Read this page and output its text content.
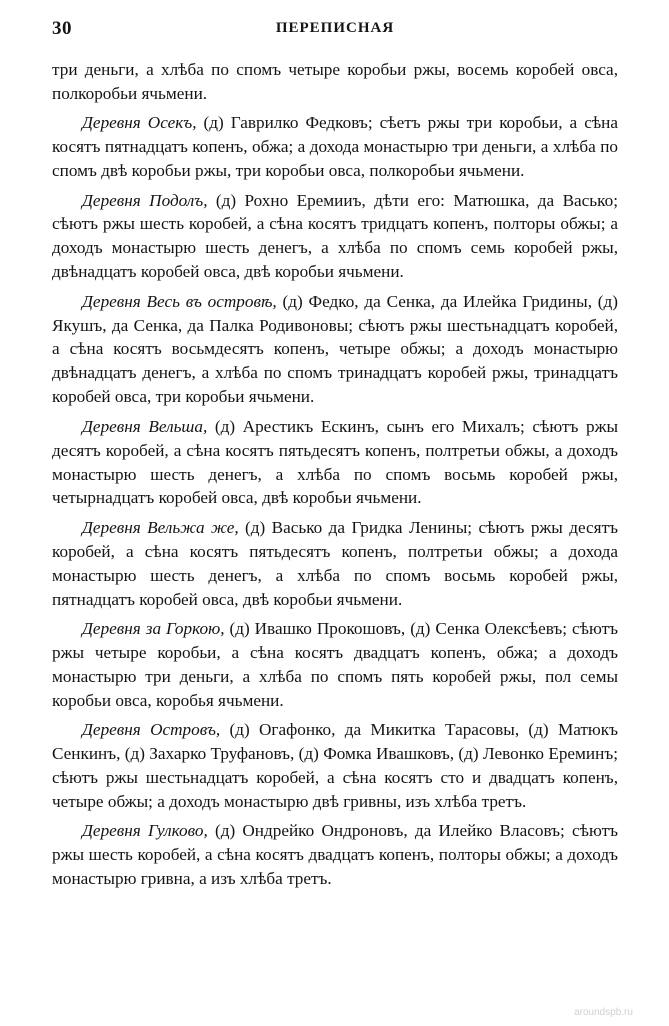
30	ПЕРЕПИСНАЯ

три деньги, а хлѣба по спомъ четыре коробьи ржы, восемь коробей овса, полкоробьи ячьмени.

Деревня Осекъ, (д) Гаврилко Федковъ; сѣетъ ржы три коробьи, а сѣна косятъ пятнадцатъ копенъ, обжа; а дохода монастырю три деньги, а хлѣба по спомъ двѣ коробьи ржы, три коробьи овса, полкоробьи ячьмени.

Деревня Подолъ, (д) Рохно Еремииъ, дѣти его: Матюшка, да Васько; сѣютъ ржы шесть коробей, а сѣна косятъ тридцатъ копенъ, полторы обжы; а доходъ монастырю шесть денегъ, а хлѣба по спомъ семь коробей ржы, двѣнадцатъ коробей овса, двѣ коробьи ячьмени.

Деревня Весь въ островѣ, (д) Федко, да Сенка, да Илейка Гридины, (д) Якушъ, да Сенка, да Палка Родивоновы; сѣютъ ржы шестьнадцатъ коробей, а сѣна косятъ восьмдесятъ копенъ, четыре обжы; а доходъ монастырю двѣнадцатъ денегъ, а хлѣба по спомъ тринадцатъ коробей ржы, тринадцатъ коробей овса, три коробьи ячьмени.

Деревня Вельша, (д) Арестикъ Ескинъ, сынъ его Михалъ; сѣютъ ржы десятъ коробей, а сѣна косятъ пятьдесятъ копенъ, полтретьи обжы, а доходъ монастырю шесть денегъ, а хлѣба по спомъ восьмь коробей ржы, четырнадцатъ коробей овса, двѣ коробьи ячьмени.

Деревня Вельжа же, (д) Васько да Гридка Ленины; сѣютъ ржы десятъ коробей, а сѣна косятъ пятьдесятъ копенъ, полтретьи обжы; а дохода монастырю шесть денегъ, а хлѣба по спомъ восьмь коробей ржы, пятнадцатъ коробей овса, двѣ коробьи ячьмени.

Деревня за Горкою, (д) Ивашко Прокошовъ, (д) Сенка Олексѣевъ; сѣютъ ржы четыре коробьи, а сѣна косятъ двадцатъ копенъ, обжа; а доходъ монастырю три деньги, а хлѣба по спомъ пять коробей ржы, пол семы коробьи овса, коробья ячьмени.

Деревня Островъ, (д) Огафонко, да Микитка Тарасовы, (д) Матюкъ Сенкинъ, (д) Захарко Труфановъ, (д) Фомка Ивашковъ, (д) Левонко Ереминъ; сѣютъ ржы шестьнадцатъ коробей, а сѣна косятъ сто и двадцатъ копенъ, четыре обжы; а доходъ монастырю двѣ гривны, изъ хлѣба третъ.

Деревня Гулково, (д) Ондрейко Ондроновъ, да Илейко Власовъ; сѣютъ ржы шесть коробей, а сѣна косятъ двадцатъ копенъ, полторы обжы; а доходъ монастырю гривна, а изъ хлѣба третъ.

aroundspb.ru
